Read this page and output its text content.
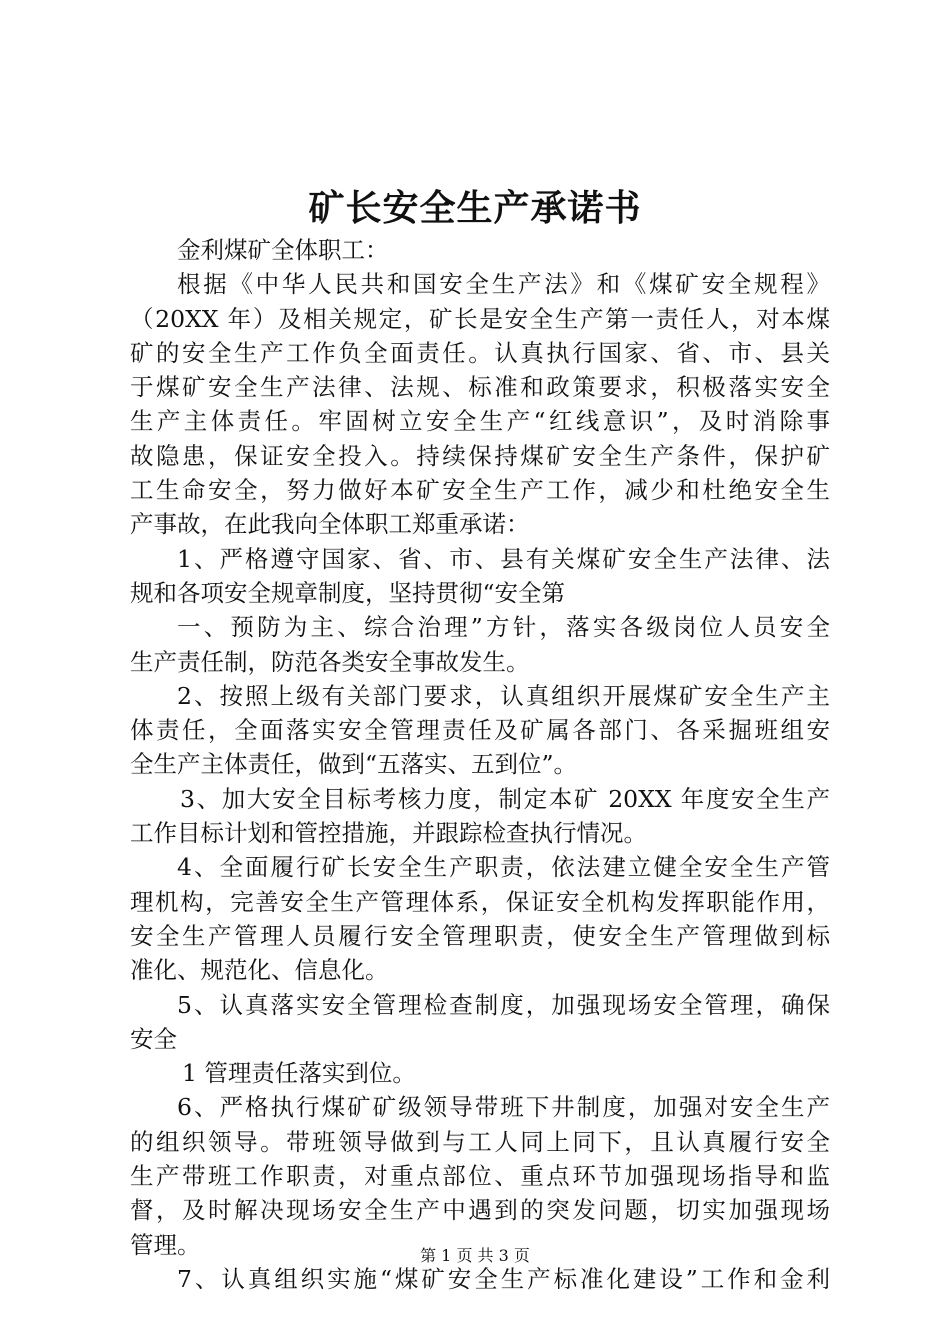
矿长安全生产承诺书
金利煤矿全体职工：
根据《中华人民共和国安全生产法》和《煤矿安全规程》
（20XX 年）及相关规定，矿长是安全生产第一责任人，对本煤
矿的安全生产工作负全面责任。认真执行国家、省、市、县关
于煤矿安全生产法律、法规、标准和政策要求，积极落实安全
生产主体责任。牢固树立安全生产“红线意识”，及时消除事
故隐患，保证安全投入。持续保持煤矿安全生产条件，保护矿
工生命安全，努力做好本矿安全生产工作，减少和杜绝安全生
产事故，在此我向全体职工郑重承诺：
1、严格遵守国家、省、市、县有关煤矿安全生产法律、法
规和各项安全规章制度，坚持贯彻“安全第
一、预防为主、综合治理”方针，落实各级岗位人员安全
生产责任制，防范各类安全事故发生。
2、按照上级有关部门要求，认真组织开展煤矿安全生产主
体责任，全面落实安全管理责任及矿属各部门、各采掘班组安
全生产主体责任，做到“五落实、五到位”。
3、加大安全目标考核力度，制定本矿 20XX 年度安全生产
工作目标计划和管控措施，并跟踪检查执行情况。
4、全面履行矿长安全生产职责，依法建立健全安全生产管
理机构，完善安全生产管理体系，保证安全机构发挥职能作用，
安全生产管理人员履行安全管理职责，使安全生产管理做到标
准化、规范化、信息化。
5、认真落实安全管理检查制度，加强现场安全管理，确保
安全
1 管理责任落实到位。
6、严格执行煤矿矿级领导带班下井制度，加强对安全生产
的组织领导。带班领导做到与工人同上同下，且认真履行安全
生产带班工作职责，对重点部位、重点环节加强现场指导和监
督，及时解决现场安全生产中遇到的突发问题，切实加强现场
管理。
7、认真组织实施“煤矿安全生产标准化建设”工作和金利
第 1 页 共 3 页
